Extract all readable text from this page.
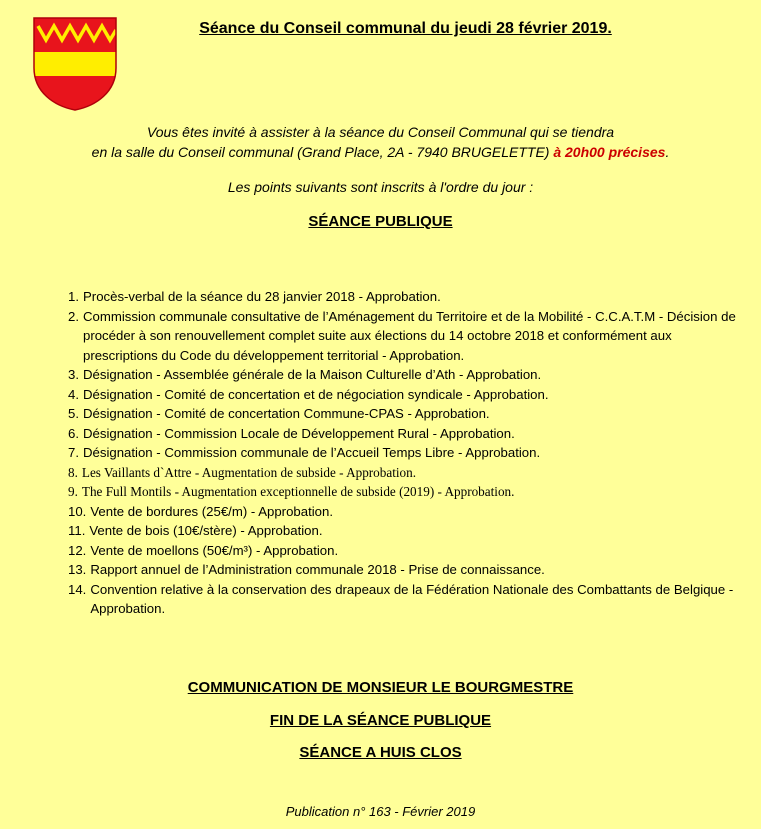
Séance du Conseil communal du jeudi 28 février 2019.
Vous êtes invité à assister à la séance du Conseil Communal qui se tiendra
en la salle du Conseil communal (Grand Place, 2A - 7940 BRUGELETTE) à 20h00 précises.
Les points suivants sont inscrits à l'ordre du jour :
SÉANCE PUBLIQUE
1. Procès-verbal de la séance du 28 janvier 2018 - Approbation.
2. Commission communale consultative de l’Aménagement du Territoire et de la Mobilité - C.C.A.T.M - Décision de procéder à son renouvellement complet suite aux élections du 14 octobre 2018 et conformément aux prescriptions du Code du développement territorial - Approbation.
3. Désignation - Assemblée générale de la Maison Culturelle d’Ath - Approbation.
4. Désignation - Comité de concertation et de négociation syndicale - Approbation.
5. Désignation - Comité de concertation Commune-CPAS - Approbation.
6. Désignation - Commission Locale de Développement Rural - Approbation.
7. Désignation - Commission communale de l’Accueil Temps Libre - Approbation.
8. Les Vaillants d`Attre - Augmentation de subside - Approbation.
9. The Full Montils - Augmentation exceptionnelle de subside (2019) - Approbation.
10. Vente de bordures (25€/m) - Approbation.
11. Vente de bois (10€/stère) - Approbation.
12. Vente de moellons (50€/m³) - Approbation.
13. Rapport annuel de l’Administration communale 2018 - Prise de connaissance.
14. Convention relative à la conservation des drapeaux de la Fédération Nationale des Combattants de Belgique - Approbation.
COMMUNICATION DE MONSIEUR LE BOURGMESTRE
FIN DE LA SÉANCE PUBLIQUE
SÉANCE A HUIS CLOS
Publication n° 163 - Février 2019
